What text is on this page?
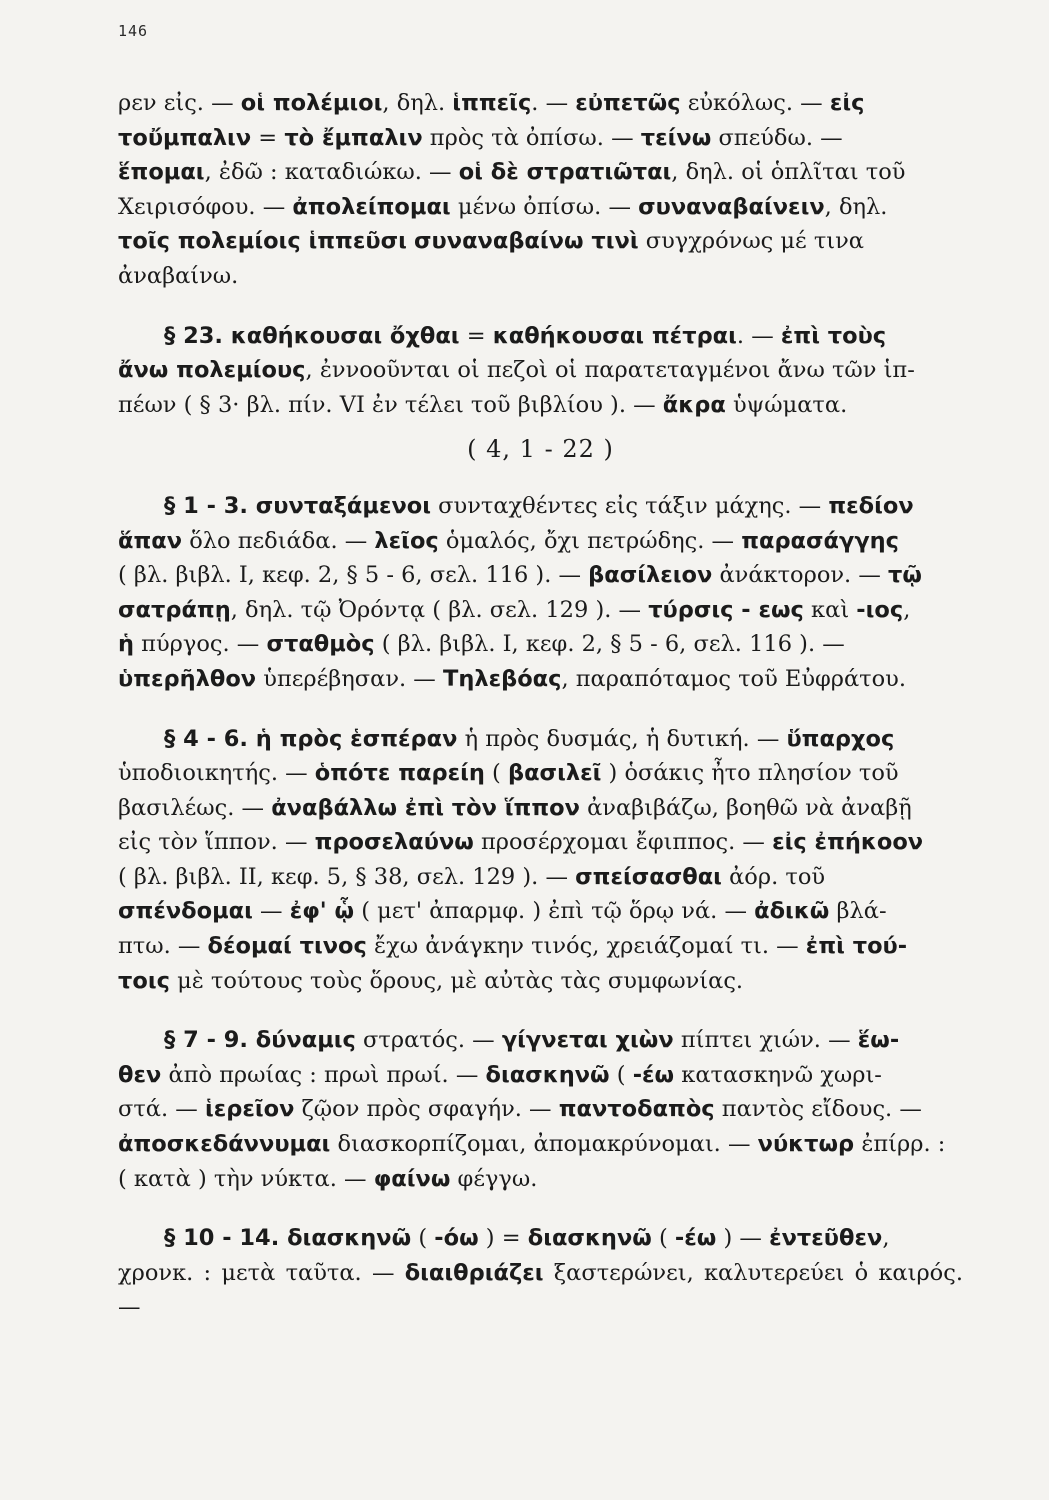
146
ρεν εἰς. — οἱ πολέμιοι, δηλ. ἱππεῖς. — εὐπετῶς εὐκόλως. — εἰς
τοὔμπαλιν = τὸ ἔμπαλιν πρὸς τὰ ὀπίσω. — τείνω σπεύδω. —
ἕπομαι, ἐδῶ : καταδιώκω. — οἱ δὲ στρατιῶται, δηλ. οἱ ὁπλῖται τοῦ
Χειρισόφου. — ἀπολείπομαι μένω ὀπίσω. — συναναβαίνειν, δηλ.
τοῖς πολεμίοις ἱππεῦσι συναναβαίνω τινὶ συγχρόνως μέ τινα
ἀναβαίνω.
§ 23. καθήκουσαι ὄχθαι = καθήκουσαι πέτραι. — ἐπὶ τοὺς
ἄνω πολεμίους, ἐννοοῦνται οἱ πεζοὶ οἱ παρατεταγμένοι ἄνω τῶν ἱπ-
πέων ( § 3· βλ. πίν. VI ἐν τέλει τοῦ βιβλίου ). — ἄκρα ὑψώματα.
( 4, 1 - 22 )
§ 1 - 3. συνταξάμενοι συνταχθέντες εἰς τάξιν μάχης. — πεδίον
ἅπαν ὅλο πεδιάδα. — λεῖος ὁμαλός, ὄχι πετρώδης. — παρασάγγης
( βλ. βιβλ. Ι, κεφ. 2, § 5 - 6, σελ. 116 ). — βασίλειον ἀνάκτορον. — τῷ
σατράπῃ, δηλ. τῷ Ὀρόντᾳ ( βλ. σελ. 129 ). — τύρσις - εως καὶ -ιος,
ἡ πύργος. — σταθμὸς ( βλ. βιβλ. Ι, κεφ. 2, § 5 - 6, σελ. 116 ). —
ὑπερῆλθον ὑπερέβησαν. — Τηλεβόας, παραπόταμος τοῦ Εὐφράτου.
§ 4 - 6. ἡ πρὸς ἑσπέραν ἡ πρὸς δυσμάς, ἡ δυτική. — ὕπαρχος
ὑποδιοικητής. — ὁπότε παρείη ( βασιλεῖ ) ὁσάκις ἦτο πλησίον τοῦ
βασιλέως. — ἀναβάλλω ἐπὶ τὸν ἵππον ἀναβιβάζω, βοηθῶ νὰ ἀναβῇ
εἰς τὸν ἵππον. — προσελαύνω προσέρχομαι ἔφιππος. — εἰς ἐπήκοον
( βλ. βιβλ. ΙΙ, κεφ. 5, § 38, σελ. 129 ). — σπείσασθαι ἀόρ. τοῦ
σπένδομαι — ἐφ' ᾧ ( μετ' ἀπαρμφ. ) ἐπὶ τῷ ὅρῳ νά. — ἀδικῶ βλά-
πτω. — δέομαί τινος ἔχω ἀνάγκην τινός, χρειάζομαί τι. — ἐπὶ τού-
τοις μὲ τούτους τοὺς ὅρους, μὲ αὐτὰς τὰς συμφωνίας.
§ 7 - 9. δύναμις στρατός. — γίγνεται χιὼν πίπτει χιών. — ἕω-
θεν ἀπὸ πρωίας : πρωὶ πρωί. — διασκηνῶ ( -έω κατασκηνῶ χωρι-
στά. — ἱερεῖον ζῷον πρὸς σφαγήν. — παντοδαπὸς παντὸς εἴδους. —
ἀποσκεδάννυμαι διασκορπίζομαι, ἀπομακρύνομαι. — νύκτωρ ἐπίρρ. :
( κατὰ ) τὴν νύκτα. — φαίνω φέγγω.
§ 10 - 14. διασκηνῶ ( -όω ) = διασκηνῶ ( -έω ) — ἐντεῦθεν,
χρονκ. : μετὰ ταῦτα. — διαιθριάζει ξαστερώνει, καλυτερεύει ὁ καιρός. —
